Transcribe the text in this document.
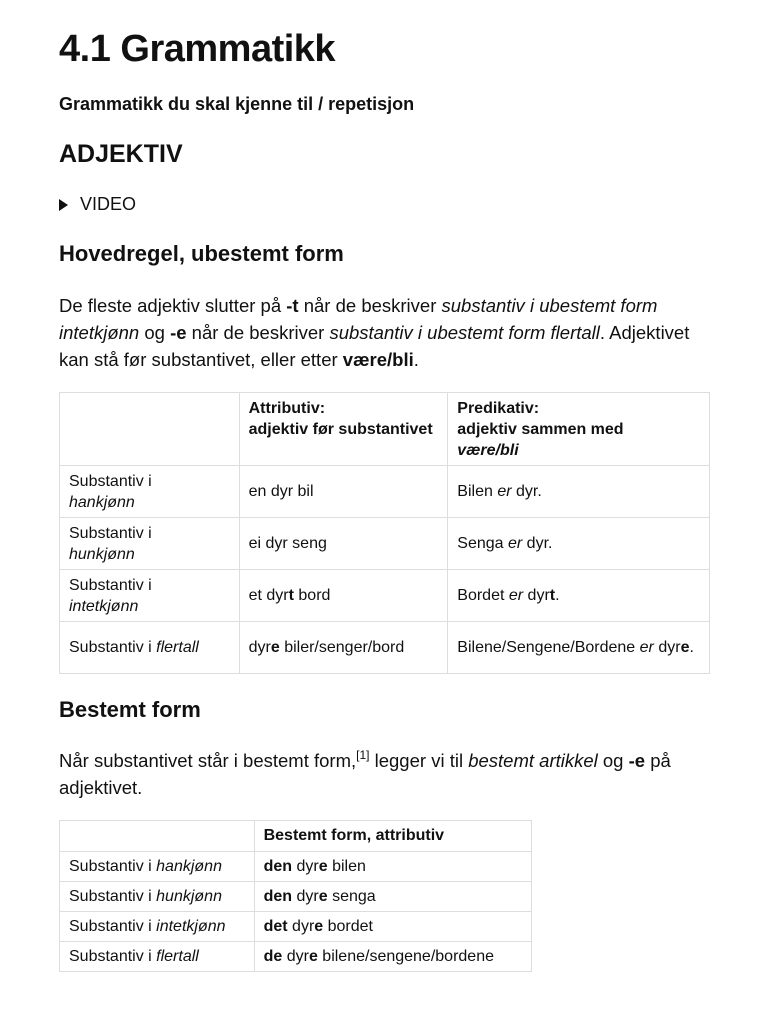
4.1 Grammatikk

Grammatikk du skal kjenne til / repetisjon

ADJEKTIV
VIDEO
Hovedregel, ubestemt form

De fleste adjektiv slutter på -t når de beskriver substantiv i ubestemt form intetkjønn og -e når de beskriver substantiv i ubestemt form flertall. Adjektivet kan stå før substantivet, eller etter være/bli.

	Attributiv:
adjektiv før substantivet	Predikativ:
adjektiv sammen med
være/bli
Substantiv i
hankjønn	en dyr bil	Bilen er dyr.
Substantiv i
hunkjønn	ei dyr seng	Senga er dyr.
Substantiv i
intetkjønn	et dyrt bord	Bordet er dyrt.
Substantiv i flertall	dyre biler/senger/bord	Bilene/Sengene/Bordene er dyre.
Bestemt form

Når substantivet står i bestemt form,[1] legger vi til bestemt artikkel og -e på adjektivet.

	Bestemt form, attributiv
Substantiv i hankjønn	den dyre bilen
Substantiv i hunkjønn	den dyre senga
Substantiv i intetkjønn	det dyre bordet
Substantiv i flertall	de dyre bilene/sengene/bordene
